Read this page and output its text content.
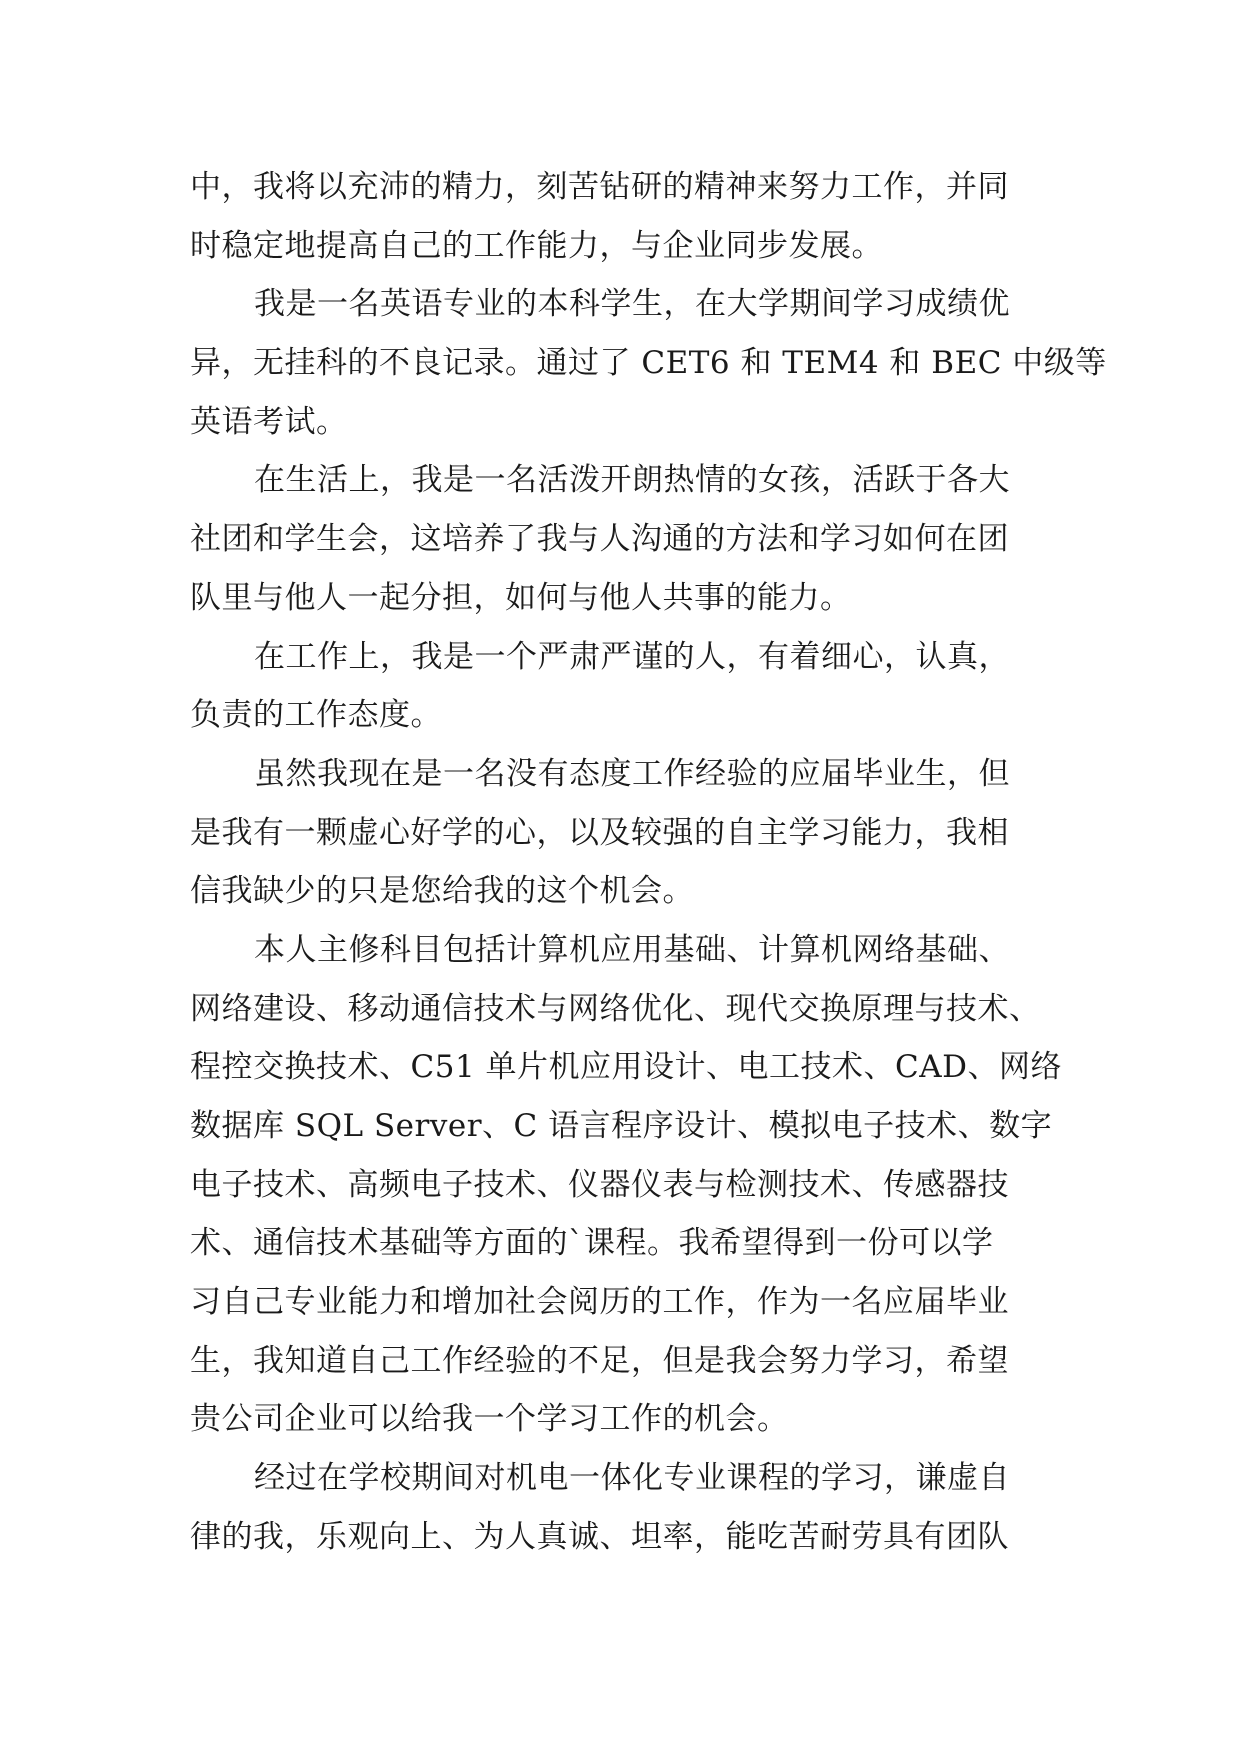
中，我将以充沛的精力，刻苦钻研的精神来努力工作，并同
时稳定地提高自己的工作能力，与企业同步发展。
我是一名英语专业的本科学生，在大学期间学习成绩优
异，无挂科的不良记录。通过了 CET6 和 TEM4 和 BEC 中级等
英语考试。
在生活上，我是一名活泼开朗热情的女孩，活跃于各大
社团和学生会，这培养了我与人沟通的方法和学习如何在团
队里与他人一起分担，如何与他人共事的能力。
在工作上，我是一个严肃严谨的人，有着细心，认真，
负责的工作态度。
虽然我现在是一名没有态度工作经验的应届毕业生，但
是我有一颗虚心好学的心，以及较强的自主学习能力，我相
信我缺少的只是您给我的这个机会。
本人主修科目包括计算机应用基础、计算机网络基础、
网络建设、移动通信技术与网络优化、现代交换原理与技术、
程控交换技术、C51 单片机应用设计、电工技术、CAD、网络
数据库 SQL Server、C 语言程序设计、模拟电子技术、数字
电子技术、高频电子技术、仪器仪表与检测技术、传感器技
术、通信技术基础等方面的`课程。我希望得到一份可以学
习自己专业能力和增加社会阅历的工作，作为一名应届毕业
生，我知道自己工作经验的不足，但是我会努力学习，希望
贵公司企业可以给我一个学习工作的机会。
经过在学校期间对机电一体化专业课程的学习，谦虚自
律的我，乐观向上、为人真诚、坦率，能吃苦耐劳具有团队
